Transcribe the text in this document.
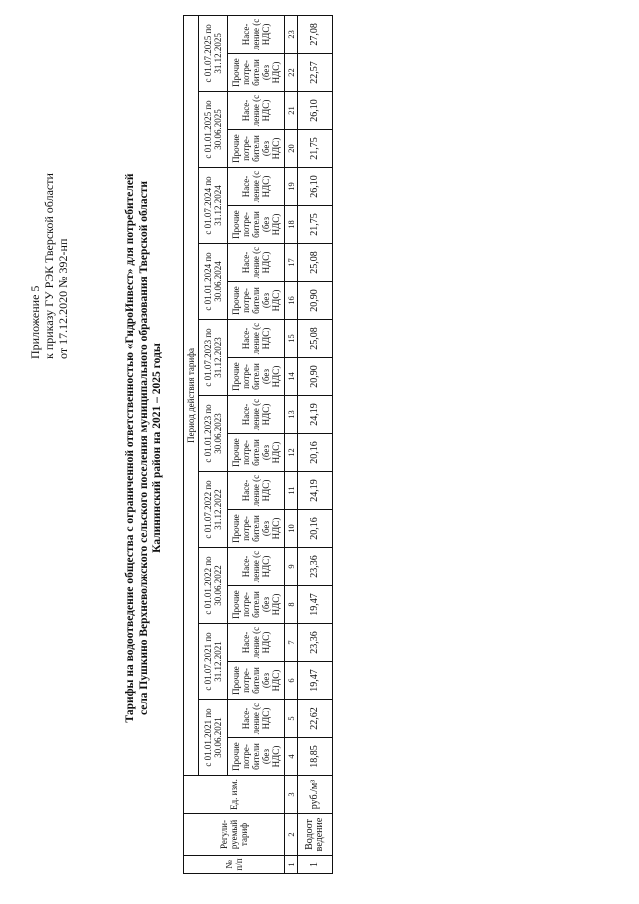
Приложение 5 к приказу ГУ РЭК Тверской области от 17.12.2020 № 392-нп	Тарифы на водоотведение общества с ограниченной ответственностью «ГидроИнвест» для потребителей села Пушкино Верхневолжского сельского поселения муниципального образования Тверской области Калининский район на 2021 – 2025 годы
№ п/п	Регули-руемый тариф	Ед. изм.	Период действия тарифа																			
			с 01.01.2021 по 30.06.2021		с 01.07.2021 по 31.12.2021		с 01.01.2022 по 30.06.2022		с 01.07.2022 по 31.12.2022		с 01.01.2023 по 30.06.2023		с 01.07.2023 по 31.12.2023		с 01.01.2024 по 30.06.2024		с 01.07.2024 по 31.12.2024		с 01.01.2025 по 30.06.2025		с 01.07.2025 по 31.12.2025	
			Прочие потре-бители (без НДС)	Насе-ление (с НДС)	Прочие потре-бители (без НДС)	Насе-ление (с НДС)	Прочие потре-бители (без НДС)	Насе-ление (с НДС)	Прочие потре-бители (без НДС)	Насе-ление (с НДС)	Прочие потре-бители (без НДС)	Насе-ление (с НДС)	Прочие потре-бители (без НДС)	Насе-ление (с НДС)	Прочие потре-бители (без НДС)	Насе-ление (с НДС)	Прочие потре-бители (без НДС)	Насе-ление (с НДС)	Прочие потре-бители (без НДС)	Насе-ление (с НДС)	Прочие потре-бители (без НДС)	Насе-ление (с НДС)
1	2	3	4	5	6	7	8	9	10	11	12	13	14	15	16	17	18	19	20	21	22	23
1	Водоот ведение	руб./м³	18,85	22,62	19,47	23,36	19,47	23,36	20,16	24,19	20,16	24,19	20,90	25,08	20,90	25,08	21,75	26,10	21,75	26,10	22,57	27,08
